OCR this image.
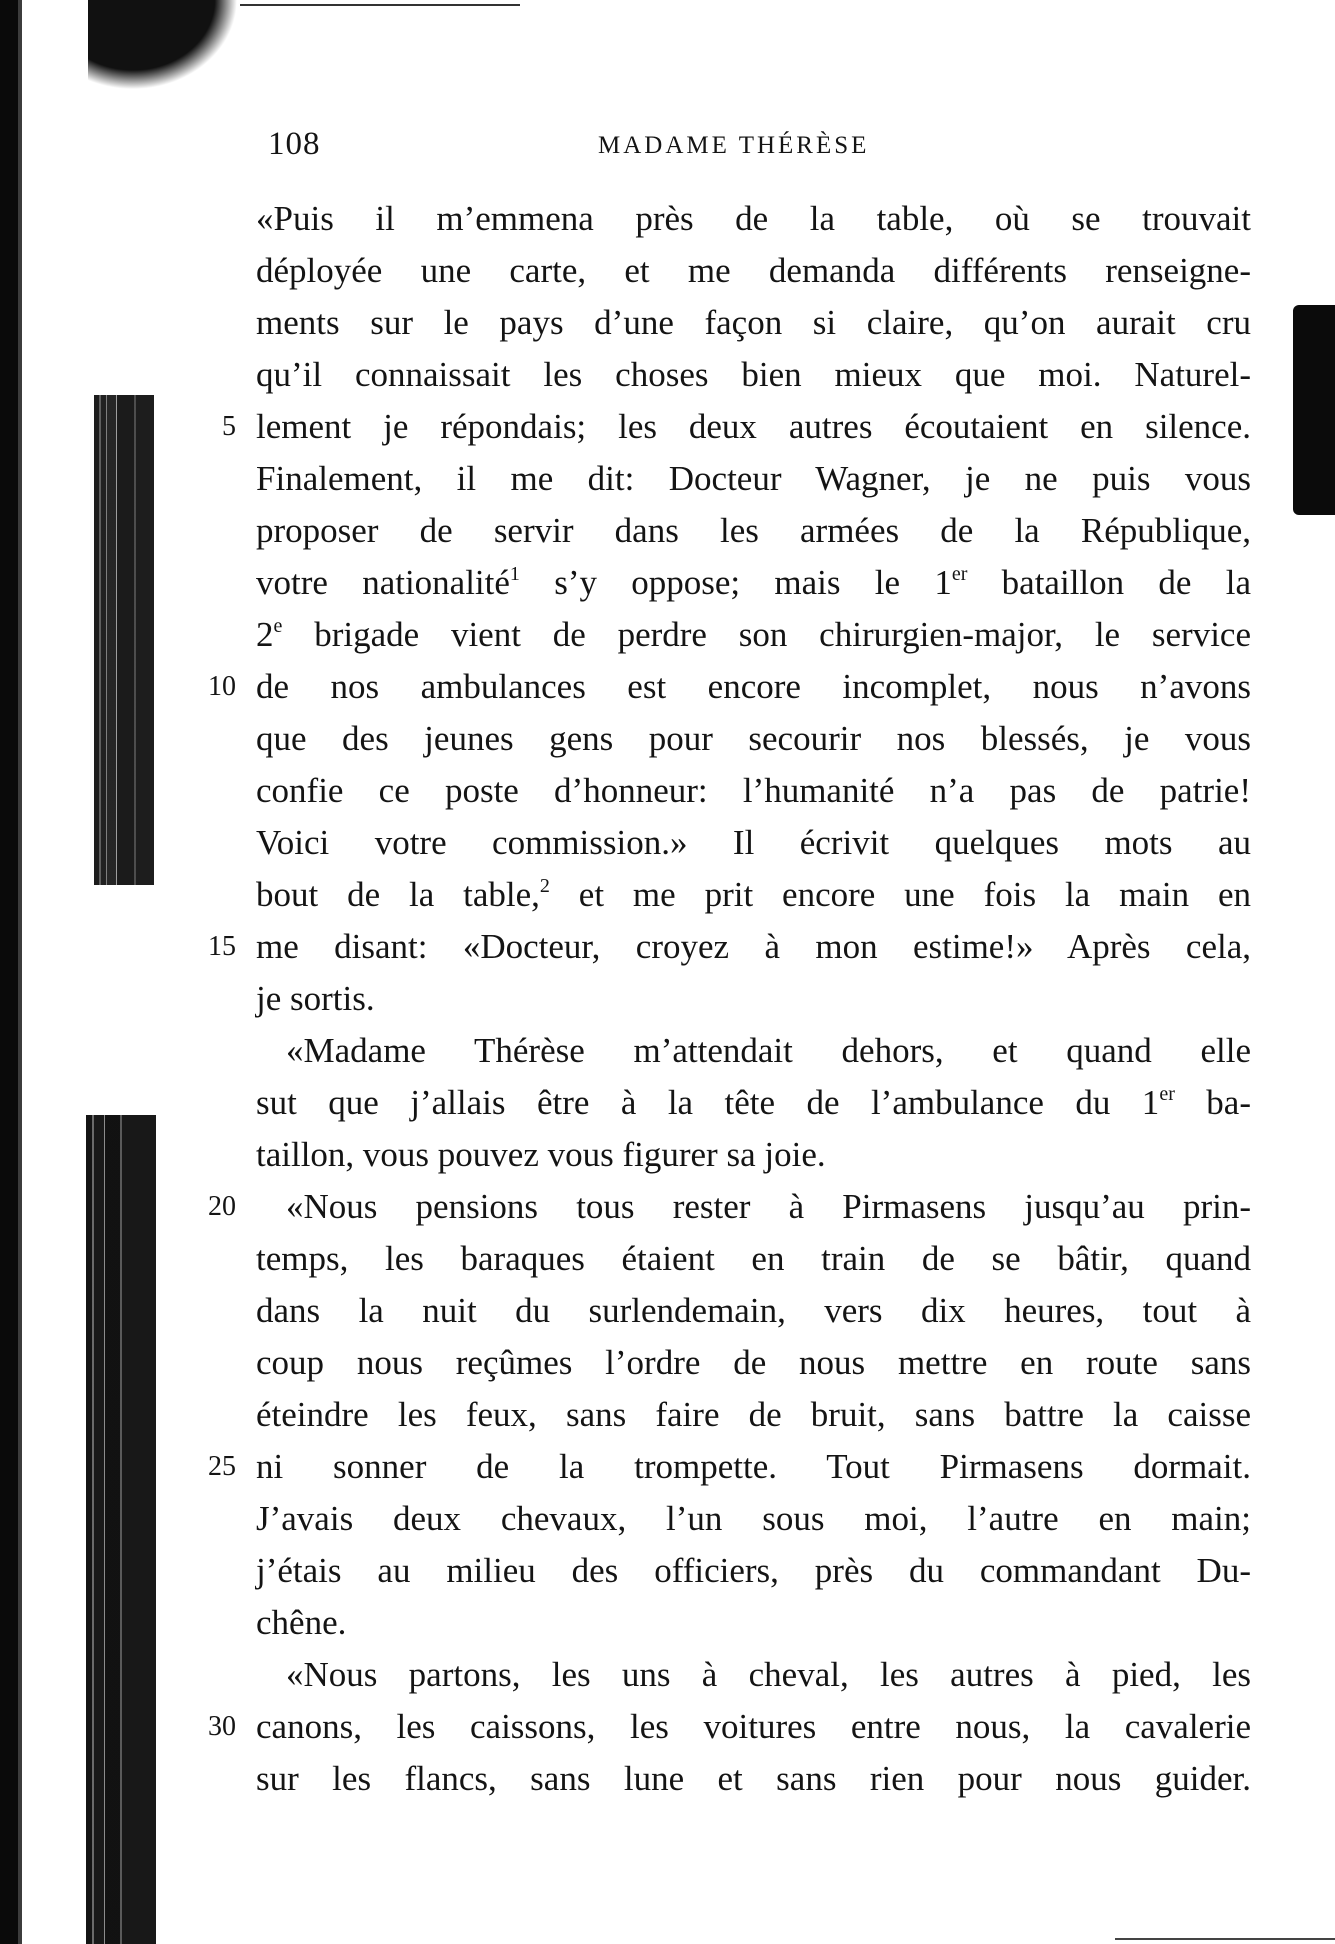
108	MADAME THÉRÈSE
«Puis il m’emmena près de la table, où se trouvait
déployée une carte, et me demanda différents renseigne-
ments sur le pays d’une façon si claire, qu’on aurait cru
qu’il connaissait les choses bien mieux que moi. Naturel-
lement je répondais; les deux autres écoutaient en silence.
Finalement, il me dit: Docteur Wagner, je ne puis vous
proposer de servir dans les armées de la République,
votre nationalité$^1$ s’y oppose; mais le 1er bataillon de la
2e brigade vient de perdre son chirurgien-major, le service
de nos ambulances est encore incomplet, nous n’avons
que des jeunes gens pour secourir nos blessés, je vous
confie ce poste d’honneur: l’humanité n’a pas de patrie!
Voici votre commission.» Il écrivit quelques mots au
bout de la table,$^2$ et me prit encore une fois la main en
me disant: «Docteur, croyez à mon estime!» Après cela,
je sortis.
«Madame Thérèse m’attendait dehors, et quand elle
sut que j’allais être à la tête de l’ambulance du 1er ba-
taillon, vous pouvez vous figurer sa joie.
«Nous pensions tous rester à Pirmasens jusqu’au prin-
temps, les baraques étaient en train de se bâtir, quand
dans la nuit du surlendemain, vers dix heures, tout à
coup nous reçûmes l’ordre de nous mettre en route sans
éteindre les feux, sans faire de bruit, sans battre la caisse
ni sonner de la trompette. Tout Pirmasens dormait.
J’avais deux chevaux, l’un sous moi, l’autre en main;
j’étais au milieu des officiers, près du commandant Du-
chêne.
«Nous partons, les uns à cheval, les autres à pied, les
canons, les caissons, les voitures entre nous, la cavalerie
sur les flancs, sans lune et sans rien pour nous guider.
5
10
15
20
25
30
